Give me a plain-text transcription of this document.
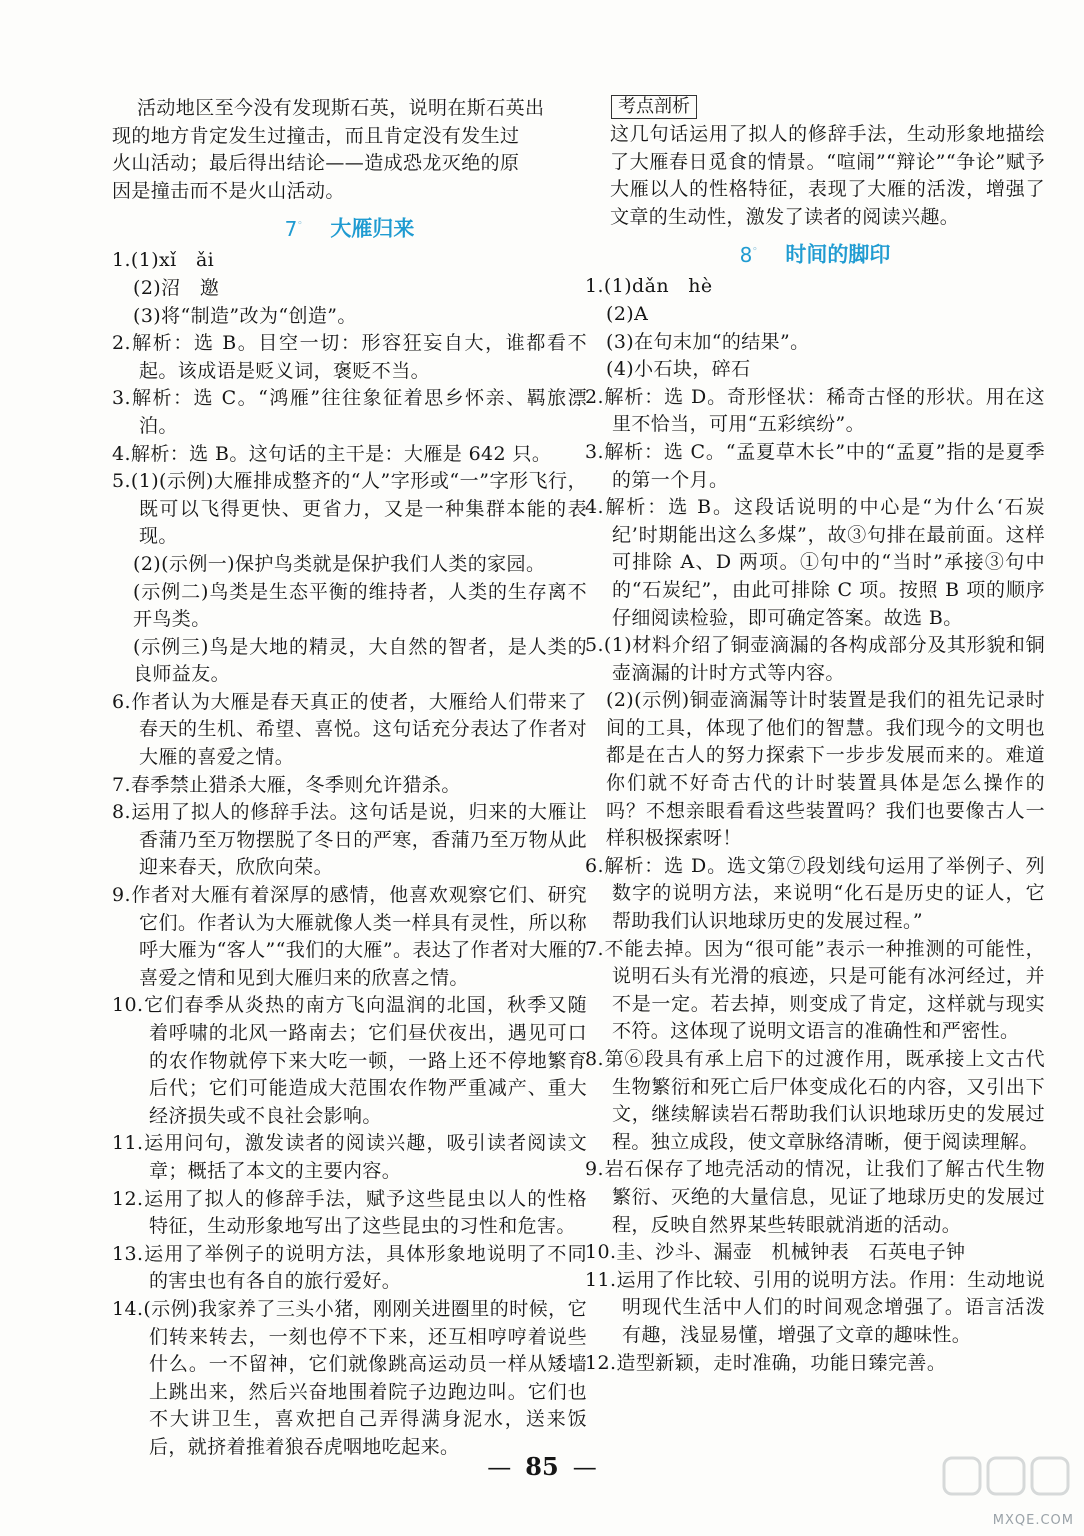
活动地区至今没有发现斯石英，说明在斯石英出

现的地方肯定发生过撞击，而且肯定没有发生过

火山活动；最后得出结论——造成恐龙灭绝的原

因是撞击而不是火山活动。

7° 大雁归来

1.(1)xǐ   ǎi

(2)沼   邀

(3)将“制造”改为“创造”。

2.解析：选 B。目空一切：形容狂妄自大，谁都看不起。该成语是贬义词，褒贬不当。

3.解析：选 C。“鸿雁”往往象征着思乡怀亲、羁旅漂泊。

4.解析：选 B。这句话的主干是：大雁是 642 只。

5.(1)(示例)大雁排成整齐的“人”字形或“一”字形飞行，既可以飞得更快、更省力，又是一种集群本能的表现。

(2)(示例一)保护鸟类就是保护我们人类的家园。

(示例二)鸟类是生态平衡的维持者，人类的生存离不开鸟类。

(示例三)鸟是大地的精灵，大自然的智者，是人类的良师益友。

6.作者认为大雁是春天真正的使者，大雁给人们带来了春天的生机、希望、喜悦。这句话充分表达了作者对大雁的喜爱之情。

7.春季禁止猎杀大雁，冬季则允许猎杀。

8.运用了拟人的修辞手法。这句话是说，归来的大雁让香蒲乃至万物摆脱了冬日的严寒，香蒲乃至万物从此迎来春天，欣欣向荣。

9.作者对大雁有着深厚的感情，他喜欢观察它们、研究它们。作者认为大雁就像人类一样具有灵性，所以称呼大雁为“客人”“我们的大雁”。表达了作者对大雁的喜爱之情和见到大雁归来的欣喜之情。

10.它们春季从炎热的南方飞向温润的北国，秋季又随着呼啸的北风一路南去；它们昼伏夜出，遇见可口的农作物就停下来大吃一顿，一路上还不停地繁育后代；它们可能造成大范围农作物严重减产、重大经济损失或不良社会影响。

11.运用问句，激发读者的阅读兴趣，吸引读者阅读文章；概括了本文的主要内容。

12.运用了拟人的修辞手法，赋予这些昆虫以人的性格特征，生动形象地写出了这些昆虫的习性和危害。

13.运用了举例子的说明方法，具体形象地说明了不同的害虫也有各自的旅行爱好。

14.(示例)我家养了三头小猪，刚刚关进圈里的时候，它们转来转去，一刻也停不下来，还互相哼哼着说些什么。一不留神，它们就像跳高运动员一样从矮墙上跳出来，然后兴奋地围着院子边跑边叫。它们也不大讲卫生，喜欢把自己弄得满身泥水，送来饭后，就挤着推着狼吞虎咽地吃起来。

考点剖析

这几句话运用了拟人的修辞手法，生动形象地描绘了大雁春日觅食的情景。“喧闹”“辩论”“争论”赋予大雁以人的性格特征，表现了大雁的活泼，增强了文章的生动性，激发了读者的阅读兴趣。

8° 时间的脚印

1.(1)dǎn   hè

(2)A

(3)在句末加“的结果”。

(4)小石块，碎石

2.解析：选 D。奇形怪状：稀奇古怪的形状。用在这里不恰当，可用“五彩缤纷”。

3.解析：选 C。“孟夏草木长”中的“孟夏”指的是夏季的第一个月。

4.解析：选 B。这段话说明的中心是“为什么‘石炭纪’时期能出这么多煤”，故③句排在最前面。这样可排除 A、D 两项。①句中的“当时”承接③句中的“石炭纪”，由此可排除 C 项。按照 B 项的顺序仔细阅读检验，即可确定答案。故选 B。

5.(1)材料介绍了铜壶滴漏的各构成部分及其形貌和铜壶滴漏的计时方式等内容。

(2)(示例)铜壶滴漏等计时装置是我们的祖先记录时间的工具，体现了他们的智慧。我们现今的文明也都是在古人的努力探索下一步步发展而来的。难道你们就不好奇古代的计时装置具体是怎么操作的吗？不想亲眼看看这些装置吗？我们也要像古人一样积极探索呀！

6.解析：选 D。选文第⑦段划线句运用了举例子、列数字的说明方法，来说明“化石是历史的证人，它帮助我们认识地球历史的发展过程。”

7.不能去掉。因为“很可能”表示一种推测的可能性，说明石头有光滑的痕迹，只是可能有冰河经过，并不是一定。若去掉，则变成了肯定，这样就与现实不符。这体现了说明文语言的准确性和严密性。

8.第⑥段具有承上启下的过渡作用，既承接上文古代生物繁衍和死亡后尸体变成化石的内容，又引出下文，继续解读岩石帮助我们认识地球历史的发展过程。独立成段，使文章脉络清晰，便于阅读理解。

9.岩石保存了地壳活动的情况，让我们了解古代生物繁衍、灭绝的大量信息，见证了地球历史的发展过程，反映自然界某些转眼就消逝的活动。

10.圭、沙斗、漏壶   机械钟表   石英电子钟

11.运用了作比较、引用的说明方法。作用：生动地说明现代生活中人们的时间观念增强了。语言活泼有趣，浅显易懂，增强了文章的趣味性。

12.造型新颖，走时准确，功能日臻完善。

— 85 —
MXQE.COM
